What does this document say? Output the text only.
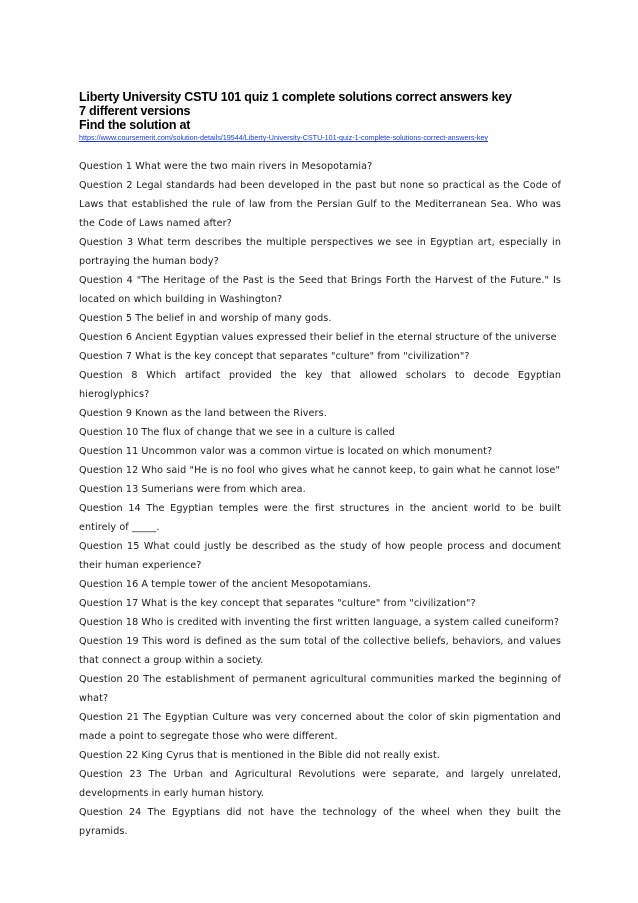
Liberty University CSTU 101 quiz 1 complete solutions correct answers key
7 different versions
Find the solution at
https://www.coursemerit.com/solution-details/19544/Liberty-University-CSTU-101-quiz-1-complete-solutions-correct-answers-key
Question 1 What were the two main rivers in Mesopotamia?
Question 2 Legal standards had been developed in the past but none so practical as the Code of Laws that established the rule of law from the Persian Gulf to the Mediterranean Sea. Who was the Code of Laws named after?
Question 3 What term describes the multiple perspectives we see in Egyptian art, especially in portraying the human body?
Question 4 "The Heritage of the Past is the Seed that Brings Forth the Harvest of the Future." Is located on which building in Washington?
Question 5 The belief in and worship of many gods.
Question 6 Ancient Egyptian values expressed their belief in the eternal structure of the universe
Question 7 What is the key concept that separates "culture" from "civilization"?
Question 8 Which artifact provided the key that allowed scholars to decode Egyptian hieroglyphics?
Question 9 Known as the land between the Rivers.
Question 10 The flux of change that we see in a culture is called
Question 11 Uncommon valor was a common virtue is located on which monument?
Question 12 Who said "He is no fool who gives what he cannot keep, to gain what he cannot lose"
Question 13 Sumerians were from which area.
Question 14 The Egyptian temples were the first structures in the ancient world to be built entirely of _____.
Question 15 What could justly be described as the study of how people process and document their human experience?
Question 16 A temple tower of the ancient Mesopotamians.
Question 17 What is the key concept that separates "culture" from "civilization"?
Question 18 Who is credited with inventing the first written language, a system called cuneiform?
Question 19 This word is defined as the sum total of the collective beliefs, behaviors, and values that connect a group within a society.
Question 20 The establishment of permanent agricultural communities marked the beginning of what?
Question 21 The Egyptian Culture was very concerned about the color of skin pigmentation and made a point to segregate those who were different.
Question 22 King Cyrus that is mentioned in the Bible did not really exist.
Question 23 The Urban and Agricultural Revolutions were separate, and largely unrelated, developments in early human history.
Question 24 The Egyptians did not have the technology of the wheel when they built the pyramids.
